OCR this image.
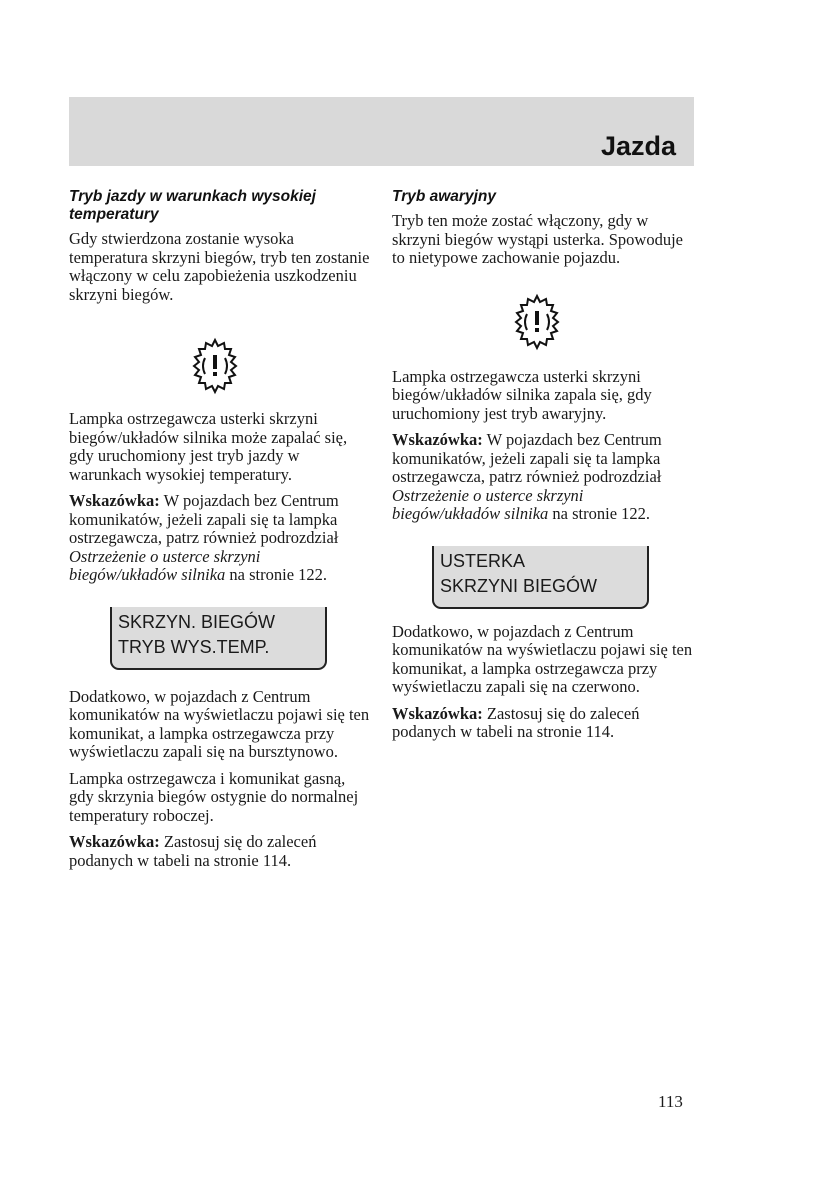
Jazda
Tryb jazdy w warunkach wysokiej temperatury

Gdy stwierdzona zostanie wysoka temperatura skrzyni biegów, tryb ten zostanie włączony w celu zapobieżenia uszkodzeniu skrzyni biegów.

Lampka ostrzegawcza usterki skrzyni biegów/układów silnika może zapalać się, gdy uruchomiony jest tryb jazdy w warunkach wysokiej temperatury.

Wskazówka: W pojazdach bez Centrum komunikatów, jeżeli zapali się ta lampka ostrzegawcza, patrz również podrozdział Ostrzeżenie o usterce skrzyni biegów/układów silnika na stronie 122.

SKRZYN. BIEGÓW
TRYB WYS.TEMP.

Dodatkowo, w pojazdach z Centrum komunikatów na wyświetlaczu pojawi się ten komunikat, a lampka ostrzegawcza przy wyświetlaczu zapali się na bursztynowo.

Lampka ostrzegawcza i komunikat gasną, gdy skrzynia biegów ostygnie do normalnej temperatury roboczej.

Wskazówka: Zastosuj się do zaleceń podanych w tabeli na stronie 114.

Tryb awaryjny

Tryb ten może zostać włączony, gdy w skrzyni biegów wystąpi usterka. Spowoduje to nietypowe zachowanie pojazdu.

Lampka ostrzegawcza usterki skrzyni biegów/układów silnika zapala się, gdy uruchomiony jest tryb awaryjny.

Wskazówka: W pojazdach bez Centrum komunikatów, jeżeli zapali się ta lampka ostrzegawcza, patrz również podrozdział Ostrzeżenie o usterce skrzyni biegów/układów silnika na stronie 122.

USTERKA
SKRZYNI BIEGÓW

Dodatkowo, w pojazdach z Centrum komunikatów na wyświetlaczu pojawi się ten komunikat, a lampka ostrzegawcza przy wyświetlaczu zapali się na czerwono.

Wskazówka: Zastosuj się do zaleceń podanych w tabeli na stronie 114.

113
